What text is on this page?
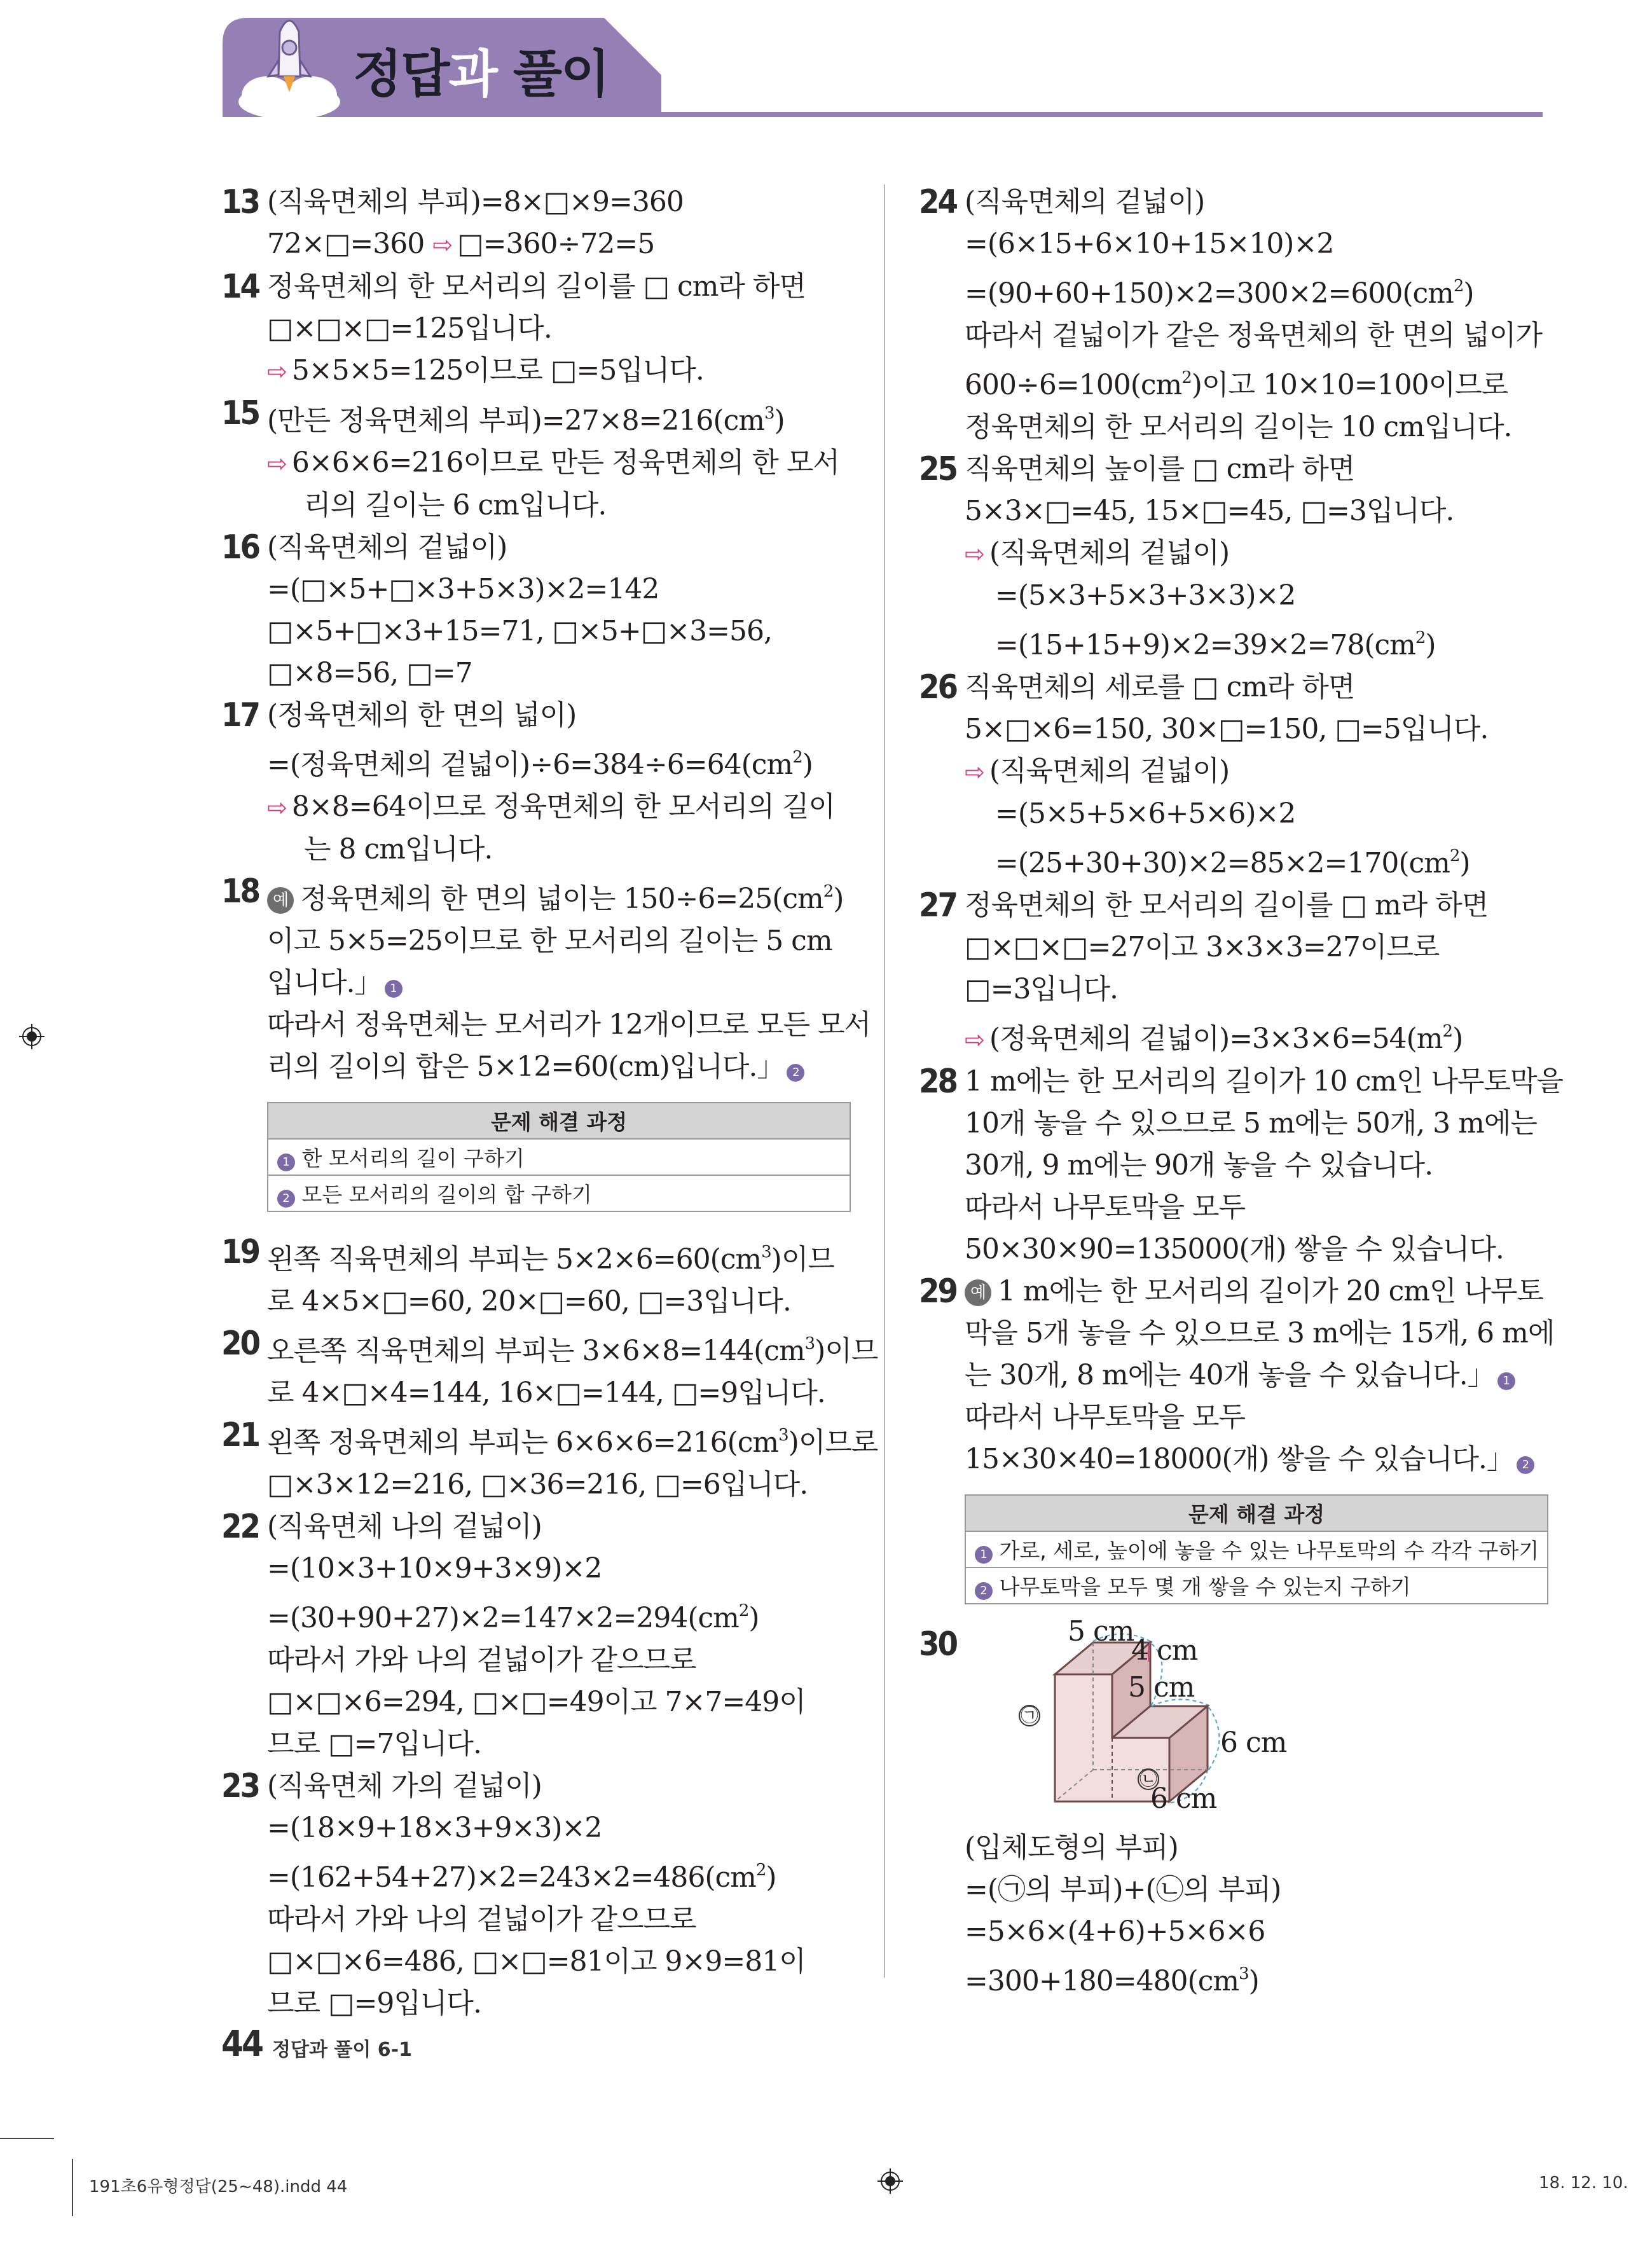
정답과 풀이
13 (직육면체의 부피)=8×□×9=360
72×□=360 ⇨ □=360÷72=5
14 정육면체의 한 모서리의 길이를 □ cm라 하면
□×□×□=125입니다.
⇨ 5×5×5=125이므로 □=5입니다.
15 (만든 정육면체의 부피)$=27\times 8=216(cm^3)$
⇨ 6×6×6=216이므로 만든 정육면체의 한 모서
리의 길이는 6 cm입니다.
16 (직육면체의 겉넓이)
=(□×5+□×3+5×3)×2=142
□×5+□×3+15=71, □×5+□×3=56,
□×8=56, □=7
17 (정육면체의 한 면의 넓이)
=(정육면체의 겉넓이)$\div 6=384\div 6=64(cm^2)$
⇨ 8×8=64이므로 정육면체의 한 모서리의 길이
는 8 cm입니다.
18 예 정육면체의 한 면의 넓이는 $150\div 6=25(cm^2)$
이고 5×5=25이므로 한 모서리의 길이는 5 cm
입니다.」 1
따라서 정육면체는 모서리가 12개이므로 모든 모서
리의 길이의 합은 5×12=60(cm)입니다.」 2
문제 해결 과정
1 한 모서리의 길이 구하기
2 모든 모서리의 길이의 합 구하기
19 왼쪽 직육면체의 부피는 $5\times 2\times 6=60(cm^3)$이므
로 4×5×□=60, 20×□=60, □=3입니다.
20 오른쪽 직육면체의 부피는 $3\times 6\times 8=144(cm^3)$이므
로 4×□×4=144, 16×□=144, □=9입니다.
21 왼쪽 정육면체의 부피는 $6\times 6\times 6=216(cm^3)$이므로
□×3×12=216, □×36=216, □=6입니다.
22 (직육면체 나의 겉넓이)
=(10×3+10×9+3×9)×2
$=(30+90+27)\times 2=147\times 2=294(cm^2)$
따라서 가와 나의 겉넓이가 같으므로
□×□×6=294, □×□=49이고 7×7=49이
므로 □=7입니다.
23 (직육면체 가의 겉넓이)
=(18×9+18×3+9×3)×2
$=(162+54+27)\times 2=243\times 2=486(cm^2)$
따라서 가와 나의 겉넓이가 같으므로
□×□×6=486, □×□=81이고 9×9=81이
므로 □=9입니다.
24 (직육면체의 겉넓이)
=(6×15+6×10+15×10)×2
$=(90+60+150)\times 2=300\times 2=600(cm^2)$
따라서 겉넓이가 같은 정육면체의 한 면의 넓이가
$600\div 6=100(cm^2)$이고 10×10=100이므로
정육면체의 한 모서리의 길이는 10 cm입니다.
25 직육면체의 높이를 □ cm라 하면
5×3×□=45, 15×□=45, □=3입니다.
⇨ (직육면체의 겉넓이)
=(5×3+5×3+3×3)×2
$=(15+15+9)\times 2=39\times 2=78(cm^2)$
26 직육면체의 세로를 □ cm라 하면
5×□×6=150, 30×□=150, □=5입니다.
⇨ (직육면체의 겉넓이)
=(5×5+5×6+5×6)×2
$=(25+30+30)\times 2=85\times 2=170(cm^2)$
27 정육면체의 한 모서리의 길이를 □ m라 하면
□×□×□=27이고 3×3×3=27이므로
□=3입니다.
⇨ (정육면체의 겉넓이)$=3\times 3\times 6=54(m^2)$
28 1 m에는 한 모서리의 길이가 10 cm인 나무토막을
10개 놓을 수 있으므로 5 m에는 50개, 3 m에는
30개, 9 m에는 90개 놓을 수 있습니다.
따라서 나무토막을 모두
50×30×90=135000(개) 쌓을 수 있습니다.
29 예 1 m에는 한 모서리의 길이가 20 cm인 나무토
막을 5개 놓을 수 있으므로 3 m에는 15개, 6 m에
는 30개, 8 m에는 40개 놓을 수 있습니다.」 1
따라서 나무토막을 모두
15×30×40=18000(개) 쌓을 수 있습니다.」 2
문제 해결 과정
1 가로, 세로, 높이에 놓을 수 있는 나무토막의 수 각각 구하기
2 나무토막을 모두 몇 개 쌓을 수 있는지 구하기
30	5 cm
4 cm
5 cm
6 cm
6 cm
㉠
㉡
(입체도형의 부피)
=(㉠의 부피)+(㉡의 부피)
=5×6×(4+6)+5×6×6
$=300+180=480(cm^3)$
44 정답과 풀이 6-1
191초6유형정답(25~48).indd 44	18. 12. 10.
